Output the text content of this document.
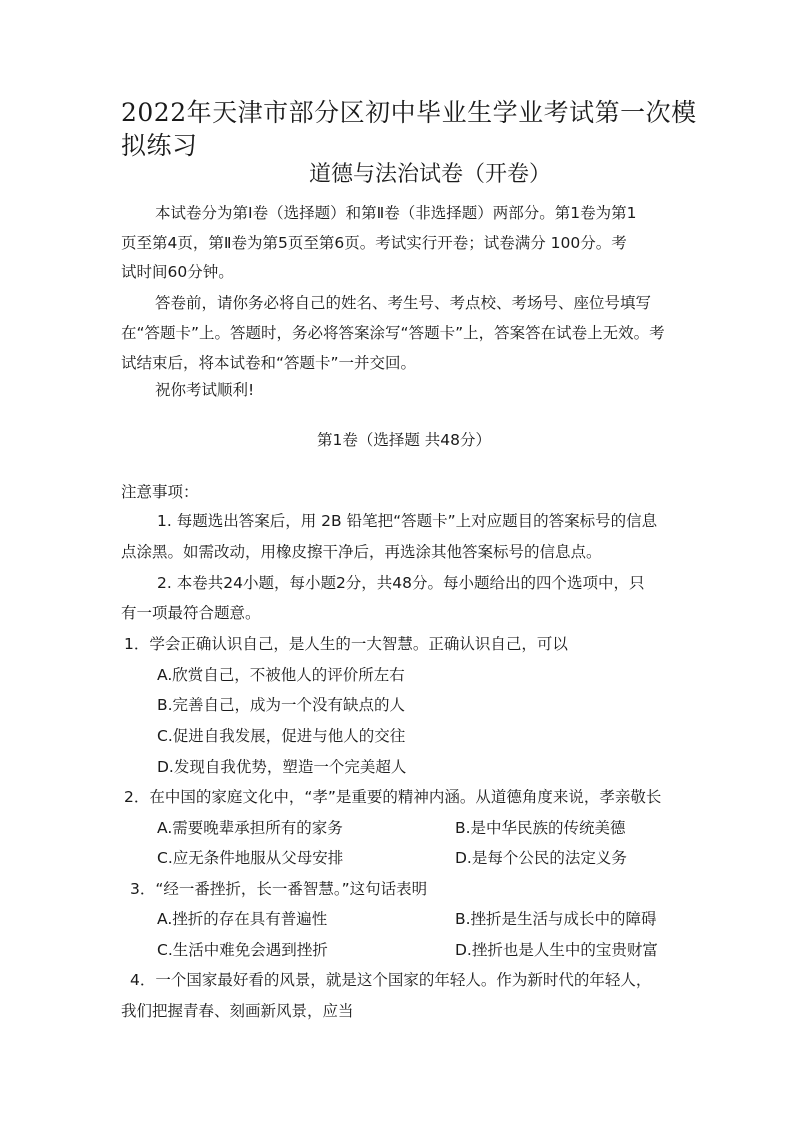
2022年天津市部分区初中毕业生学业考试第一次模
拟练习
道德与法治试卷（开卷）
本试卷分为第Ⅰ卷（选择题）和第Ⅱ卷（非选择题）两部分。第1卷为第1
页至第4页，第Ⅱ卷为第5页至第6页。考试实行开卷；试卷满分 100分。考
试时间60分钟。
答卷前，请你务必将自己的姓名、考生号、考点校、考场号、座位号填写
在“答题卡”上。答题时，务必将答案涂写“答题卡”上，答案答在试卷上无效。考
试结束后，将本试卷和“答题卡”一并交回。
祝你考试顺利!
第1卷（选择题 共48分）
注意事项：
1. 每题选出答案后，用 2B 铅笔把“答题卡”上对应题目的答案标号的信息
点涂黑。如需改动，用橡皮擦干净后，再选涂其他答案标号的信息点。
2. 本卷共24小题，每小题2分，共48分。每小题给出的四个选项中，只
有一项最符合题意。
1．学会正确认识自己，是人生的一大智慧。正确认识自己，可以
A.欣赏自己，不被他人的评价所左右
B.完善自己，成为一个没有缺点的人
C.促进自我发展，促进与他人的交往
D.发现自我优势，塑造一个完美超人
2．在中国的家庭文化中，“孝”是重要的精神内涵。从道德角度来说，孝亲敬长
A.需要晚辈承担所有的家务	B.是中华民族的传统美德
C.应无条件地服从父母安排	D.是每个公民的法定义务
3．“经一番挫折，长一番智慧。”这句话表明
A.挫折的存在具有普遍性	B.挫折是生活与成长中的障碍
C.生活中难免会遇到挫折	D.挫折也是人生中的宝贵财富
4．一个国家最好看的风景，就是这个国家的年轻人。作为新时代的年轻人，
我们把握青春、刻画新风景，应当
